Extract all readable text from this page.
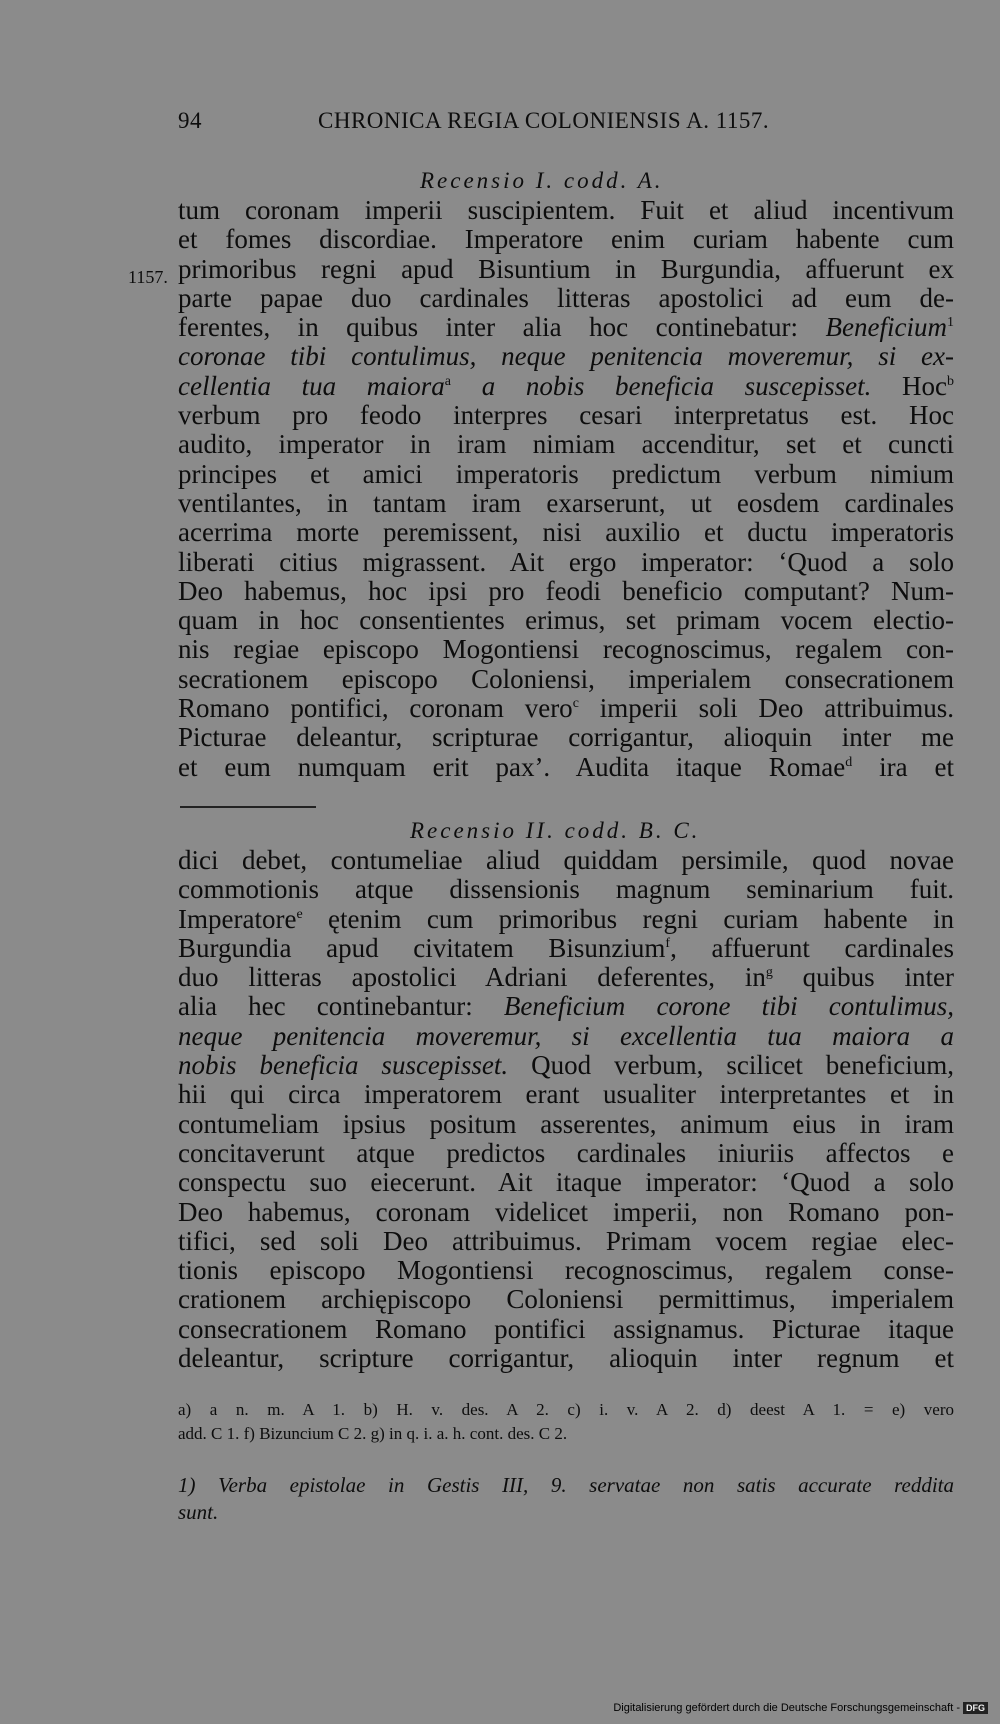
94	CHRONICA REGIA COLONIENSIS A. 1157.
Recensio I. codd. A.
1157.
tum coronam imperii suscipientem. Fuit et aliud incentivum
et fomes discordiae. Imperatore enim curiam habente cum
primoribus regni apud Bisuntium in Burgundia, affuerunt ex
parte papae duo cardinales litteras apostolici ad eum de-
ferentes, in quibus inter alia hoc continebatur: Beneficium$^1$
coronae tibi contulimus, neque penitencia moveremur, si ex-
cellentia tua maiora$^a$ a nobis beneficia suscepisset. Hoc$^b$
verbum pro feodo interpres cesari interpretatus est. Hoc
audito, imperator in iram nimiam accenditur, set et cuncti
principes et amici imperatoris predictum verbum nimium
ventilantes, in tantam iram exarserunt, ut eosdem cardinales
acerrima morte peremissent, nisi auxilio et ductu imperatoris
liberati citius migrassent. Ait ergo imperator: ‘Quod a solo
Deo habemus, hoc ipsi pro feodi beneficio computant? Num-
quam in hoc consentientes erimus, set primam vocem electio-
nis regiae episcopo Mogontiensi recognoscimus, regalem con-
secrationem episcopo Coloniensi, imperialem consecrationem
Romano pontifici, coronam vero$^c$ imperii soli Deo attribuimus.
Picturae deleantur, scripturae corrigantur, alioquin inter me
et eum numquam erit pax’. Audita itaque Romae$^d$ ira et
Recensio II. codd. B. C.
dici debet, contumeliae aliud quiddam persimile, quod novae
commotionis atque dissensionis magnum seminarium fuit.
Imperatore$^e$ ętenim cum primoribus regni curiam habente in
Burgundia apud civitatem Bisunzium$^f$, affuerunt cardinales
duo litteras apostolici Adriani deferentes, $in^g$ quibus inter
alia hec continebantur: Beneficium corone tibi contulimus,
neque penitencia moveremur, si excellentia tua maiora a
nobis beneficia suscepisset. Quod verbum, scilicet beneficium,
hii qui circa imperatorem erant usualiter interpretantes et in
contumeliam ipsius positum asserentes, animum eius in iram
concitaverunt atque predictos cardinales iniuriis affectos e
conspectu suo eiecerunt. Ait itaque imperator: ‘Quod a solo
Deo habemus, coronam videlicet imperii, non Romano pon-
tifici, sed soli Deo attribuimus. Primam vocem regiae elec-
tionis episcopo Mogontiensi recognoscimus, regalem conse-
crationem archiępiscopo Coloniensi permittimus, imperialem
consecrationem Romano pontifici assignamus. Picturae itaque
deleantur, scripture corrigantur, alioquin inter regnum et
a) a n. m. A 1. b) H. v. des. A 2. c) i. v. A 2. d) deest A 1. = e) vero
add. C 1. f) Bizuncium C 2. g) in q. i. a. h. cont. des. C 2.
1) Verba epistolae in Gestis III, 9. servatae non satis accurate reddita
sunt.
Digitalisierung gefördert durch die Deutsche Forschungsgemeinschaft - DFG
